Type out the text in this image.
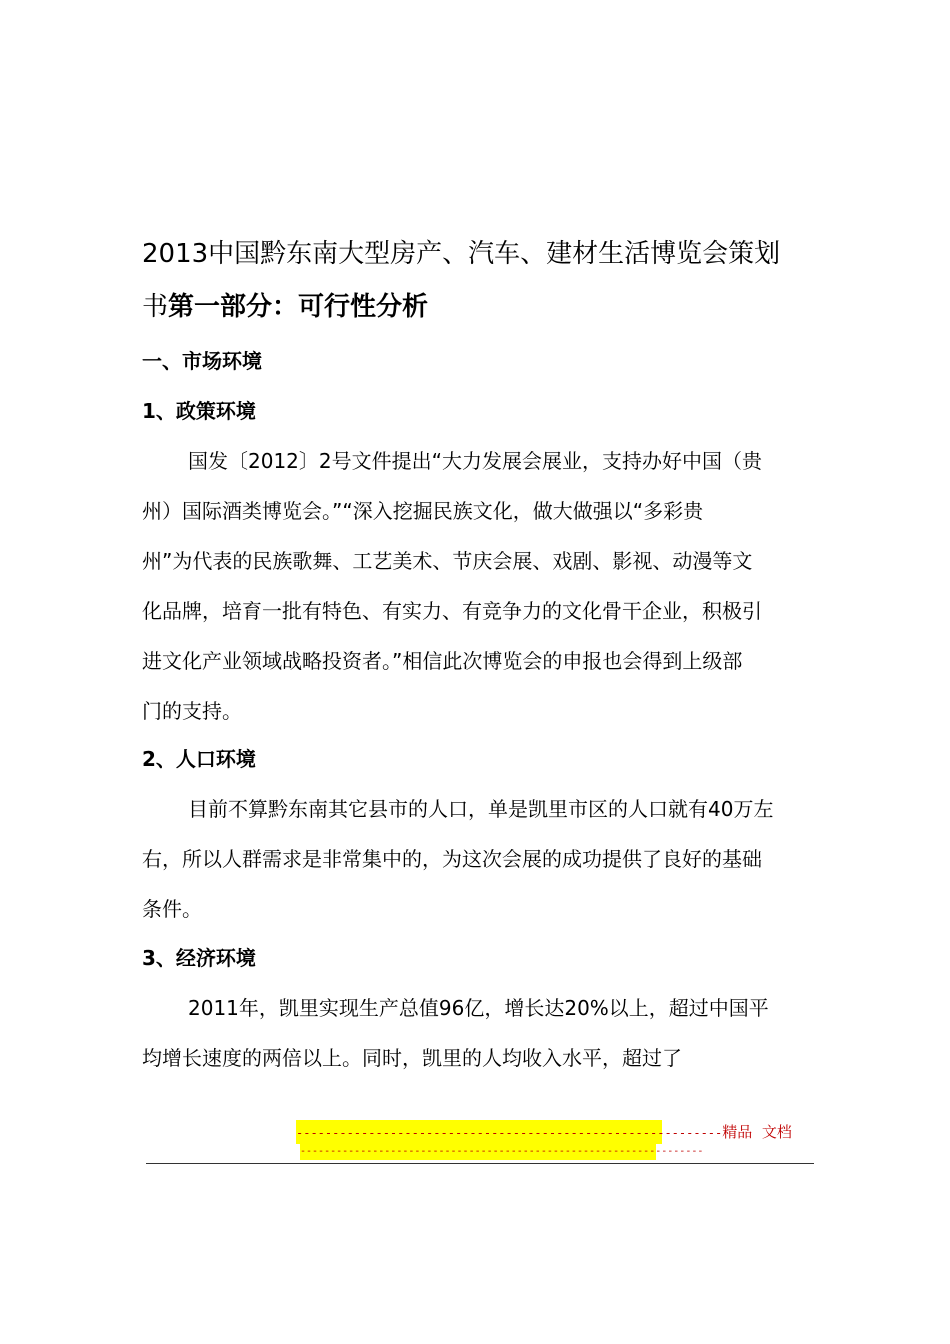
2013中国黔东南大型房产、汽车、建材生活博览会策划
书第一部分：可行性分析
一、市场环境
1、政策环境
国发〔2012〕2号文件提出“大力发展会展业，支持办好中国（贵
州）国际酒类博览会。”“深入挖掘民族文化，做大做强以“多彩贵
州”为代表的民族歌舞、工艺美术、节庆会展、戏剧、影视、动漫等文
化品牌，培育一批有特色、有实力、有竞争力的文化骨干企业，积极引
进文化产业领域战略投资者。”相信此次博览会的申报也会得到上级部
门的支持。
2、人口环境
目前不算黔东南其它县市的人口，单是凯里市区的人口就有40万左
右，所以人群需求是非常集中的，为这次会展的成功提供了良好的基础
条件。
3、经济环境
2011年，凯里实现生产总值96亿，增长达20%以上，超过中国平
均增长速度的两倍以上。同时，凯里的人均收入水平，超过了
-----------------------------------------------------------精品 文档
-------------------------------------------------------------------
